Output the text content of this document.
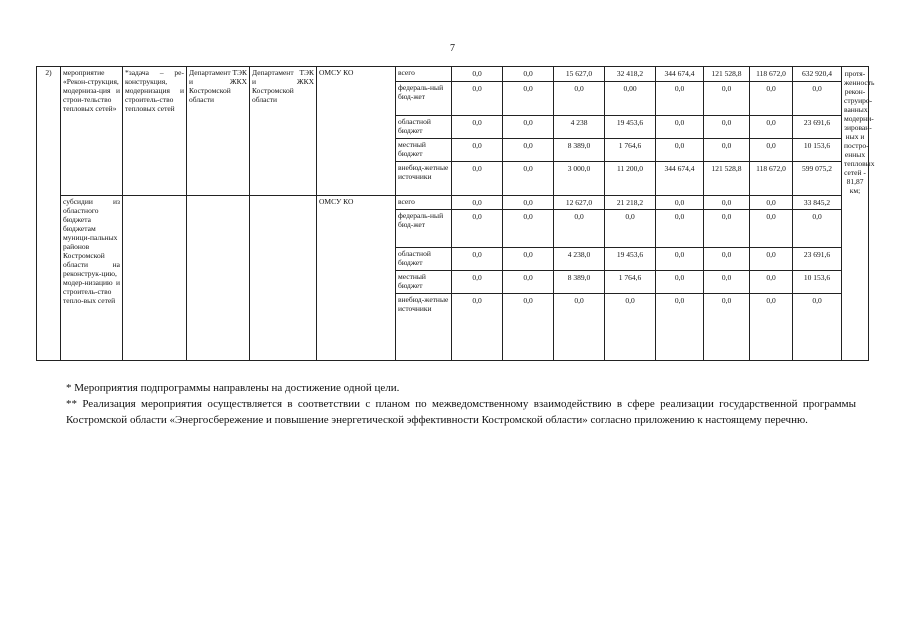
7
2)	мероприятие «Рекон-струкция, модерниза-ция и строи-тельство тепловых сетей»	*задача – ре-конструкция, модернизация и строитель-ство тепловых сетей	Департамент ТЭК и ЖКХ Костромской области	Департамент ТЭК и ЖКХ Костромской области	ОМСУ КО	всего	0,0	0,0	15 627,0	32 418,2	344 674,4	121 528,8	118 672,0	632 920,4	протя-женность рекон-струиро-ванных, модерни-зирован-ных и постро-енных тепловых сетей - 81,87 км;
						федераль-ный бюд-жет	0,0	0,0	0,0	0,00	0,0	0,0	0,0	0,0	
						областной бюджет	0,0	0,0	4 238	19 453,6	0,0	0,0	0,0	23 691,6	
						местный бюджет	0,0	0,0	8 389,0	1 764,6	0,0	0,0	0,0	10 153,6	
						внебюд-жетные источники	0,0	0,0	3 000,0	11 200,0	344 674,4	121 528,8	118 672,0	599 075,2	
	субсидии из областного бюджета бюджетам муници-пальных районов Костромской области на реконструк-цию, модер-низацию и строитель-ство тепло-вых сетей				ОМСУ КО	всего	0,0	0,0	12 627,0	21 218,2	0,0	0,0	0,0	33 845,2	
						федераль-ный бюд-жет	0,0	0,0	0,0	0,0	0,0	0,0	0,0	0,0	
						областной бюджет	0,0	0,0	4 238,0	19 453,6	0,0	0,0	0,0	23 691,6	
						местный бюджет	0,0	0,0	8 389,0	1 764,6	0,0	0,0	0,0	10 153,6	
						внебюд-жетные источники	0,0	0,0	0,0	0,0	0,0	0,0	0,0	0,0	

* Мероприятия подпрограммы направлены на достижение одной цели.

** Реализация мероприятия осуществляется в соответствии с планом по межведомственному взаимодействию в сфере реализации государственной программы Костромской области «Энергосбережение и повышение энергетической эффективности Костромской области» согласно приложению к настоящему перечню.
